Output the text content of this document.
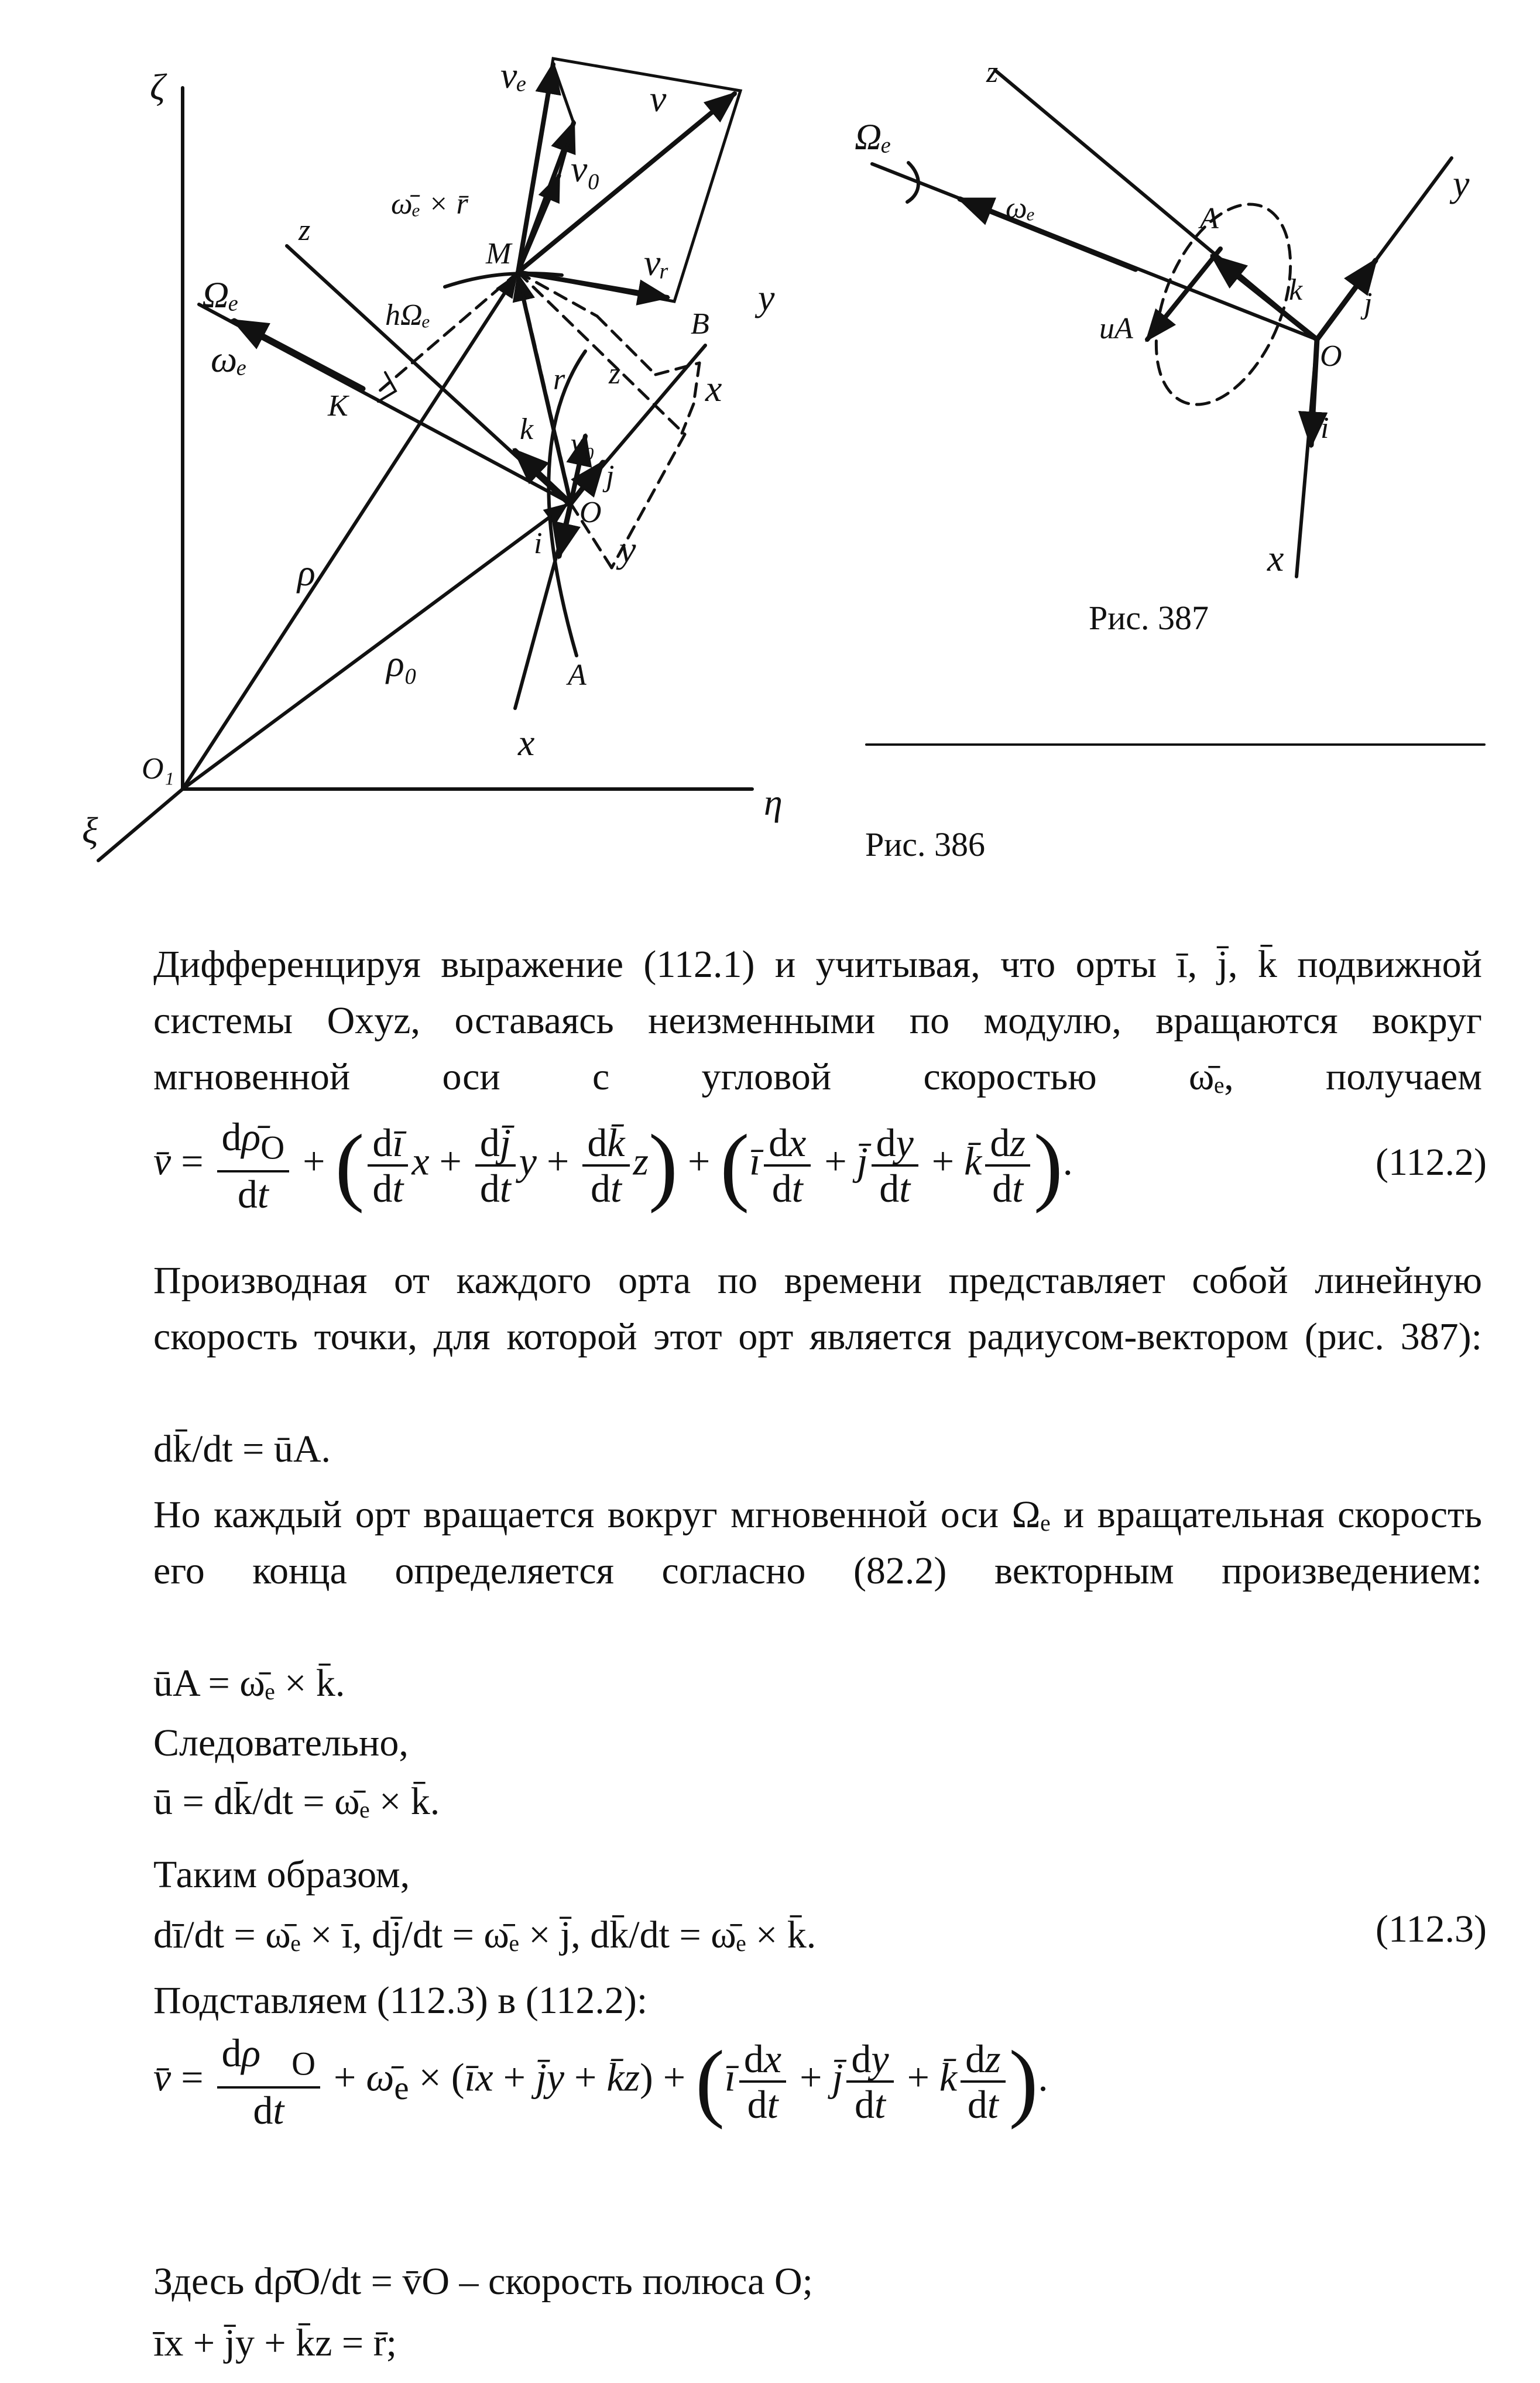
ζ
ξ
η
O₁
ρ
ρ₀
Ωₑ
ωₑ
K
hΩₑ
z
M
r
k
O
i
j
x
y
x
y
z
B
A
v₀
vₑ
v
v₀
vᵣ
ω̄ₑ × r̄
Рис. 386
z
Ωₑ
ωₑ	A
uA
k
O
j
y
i
x
Рис. 387

Дифференцируя выражение (112.1) и учитывая, что орты ī, j̄, k̄ подвижной системы Oxyz, оставаясь неизменными по модулю, вращаются вокруг мгновенной оси с угловой скоростью ω̄ₑ, получаем

v̄ = $\frac{d\rhō_O}{dt}$ + ( $\frac{dī}{dt}$ $x + \frac{dj̄}{dt}$ $y + \frac{dk̄}{dt} z$) + (ī $\frac{dx}{dt}$ + j̄ $\frac{dy}{dt}$ + k̄ $\frac{dz}{dt}$ ).	(112.2)

Производная от каждого орта по времени представляет собой линейную скорость точки, для которой этот орт является радиусом-вектором (рис. 387):

dk̄/dt = ūA.

Но каждый орт вращается вокруг мгновенной оси Ωₑ и вращательная скорость его конца определяется согласно (82.2) векторным произведением:

ūA = ω̄ₑ × k̄.
Следовательно,
ū = dk̄/dt = ω̄ₑ × k̄.
Таким образом,
dī/dt = ω̄ₑ × ī, dj̄/dt = ω̄ₑ × j̄, dk̄/dt = ω̄ₑ × k̄.	(112.3)
Подставляем (112.3) в (112.2):
v̄ = $\frac{d\rho⃗_O}{dt}$ + $\omegā_e$ × (īx + j̄y + k̄z) + (ī $\frac{dx}{dt}$ + j̄ $\frac{dy}{dt}$ + k̄ $\frac{dz}{dt}$ ).
Здесь dρ̄O/dt = v̄O – скорость полюса O;
īx + j̄y + k̄z = r̄;
